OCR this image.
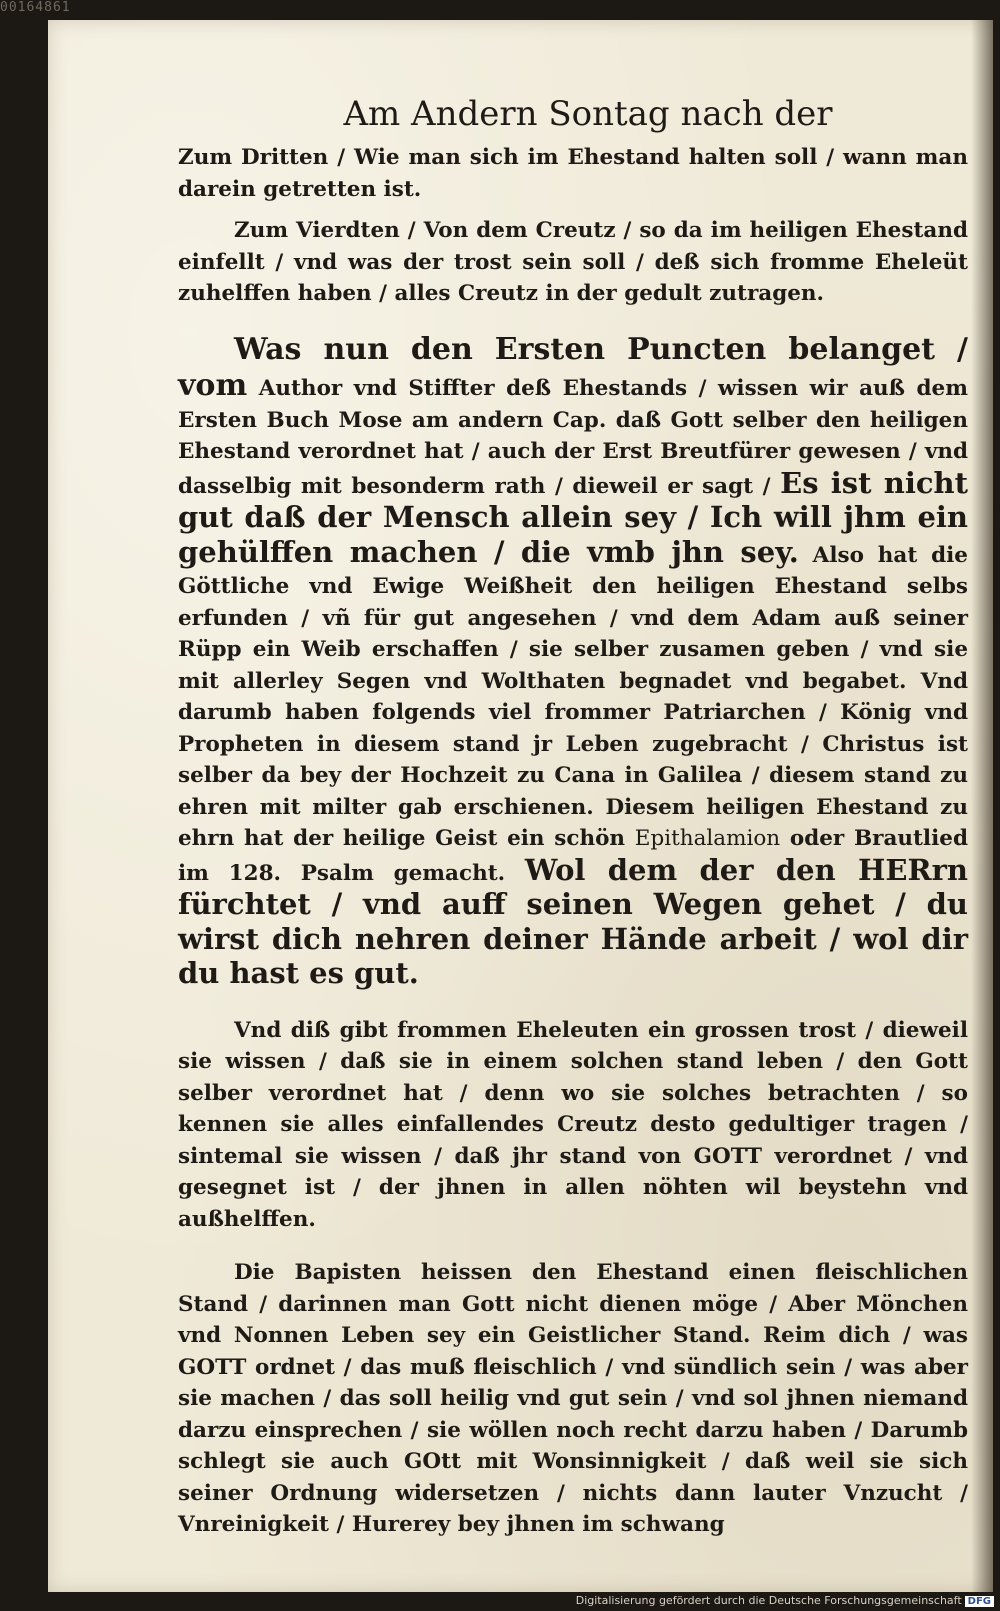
00164861
Am Andern Sontag nach der

Zum Dritten / Wie man sich im Ehestand halten soll / wann man darein getretten ist.

Zum Vierdten / Von dem Creutz / so da im heiligen Ehestand einfellt / vnd was der trost sein soll / deß sich fromme Eheleüt zuhelffen haben / alles Creutz in der gedult zutragen.

Was nun den Ersten Puncten belanget / vom Author vnd Stiffter deß Ehestands / wissen wir auß dem Ersten Buch Mose am andern Cap. daß Gott selber den heiligen Ehestand verordnet hat / auch der Erst Breutfürer gewesen / vnd dasselbig mit besonderm rath / dieweil er sagt / Es ist nicht gut daß der Mensch allein sey / Ich will jhm ein gehülffen machen / die vmb jhn sey. Also hat die Göttliche vnd Ewige Weißheit den heiligen Ehestand selbs erfunden / vñ für gut angesehen / vnd dem Adam auß seiner Rüpp ein Weib erschaffen / sie selber zusamen geben / vnd sie mit allerley Segen vnd Wolthaten begnadet vnd begabet. Vnd darumb haben folgends viel frommer Patriarchen / König vnd Propheten in diesem stand jr Leben zugebracht / Christus ist selber da bey der Hochzeit zu Cana in Galilea / diesem stand zu ehren mit milter gab erschienen. Diesem heiligen Ehestand zu ehrn hat der heilige Geist ein schön Epithalamion oder Brautlied im 128. Psalm gemacht. Wol dem der den HERrn fürchtet / vnd auff seinen Wegen gehet / du wirst dich nehren deiner Hände arbeit / wol dir du hast es gut.

Vnd diß gibt frommen Eheleuten ein grossen trost / dieweil sie wissen / daß sie in einem solchen stand leben / den Gott selber verordnet hat / denn wo sie solches betrachten / so kennen sie alles einfallendes Creutz desto gedultiger tragen / sintemal sie wissen / daß jhr stand von GOTT verordnet / vnd gesegnet ist / der jhnen in allen nöhten wil beystehn vnd außhelffen.

Die Bapisten heissen den Ehestand einen fleischlichen Stand / darinnen man Gott nicht dienen möge / Aber Mönchen vnd Nonnen Leben sey ein Geistlicher Stand. Reim dich / was GOTT ordnet / das muß fleischlich / vnd sündlich sein / was aber sie machen / das soll heilig vnd gut sein / vnd sol jhnen niemand darzu einsprechen / sie wöllen noch recht darzu haben / Darumb schlegt sie auch GOtt mit Wonsinnigkeit / daß weil sie sich seiner Ordnung widersetzen / nichts dann lauter Vnzucht / Vnreinigkeit / Hurerey bey jhnen im schwang

Digitalisierung gefördert durch die Deutsche Forschungsgemeinschaft DFG
